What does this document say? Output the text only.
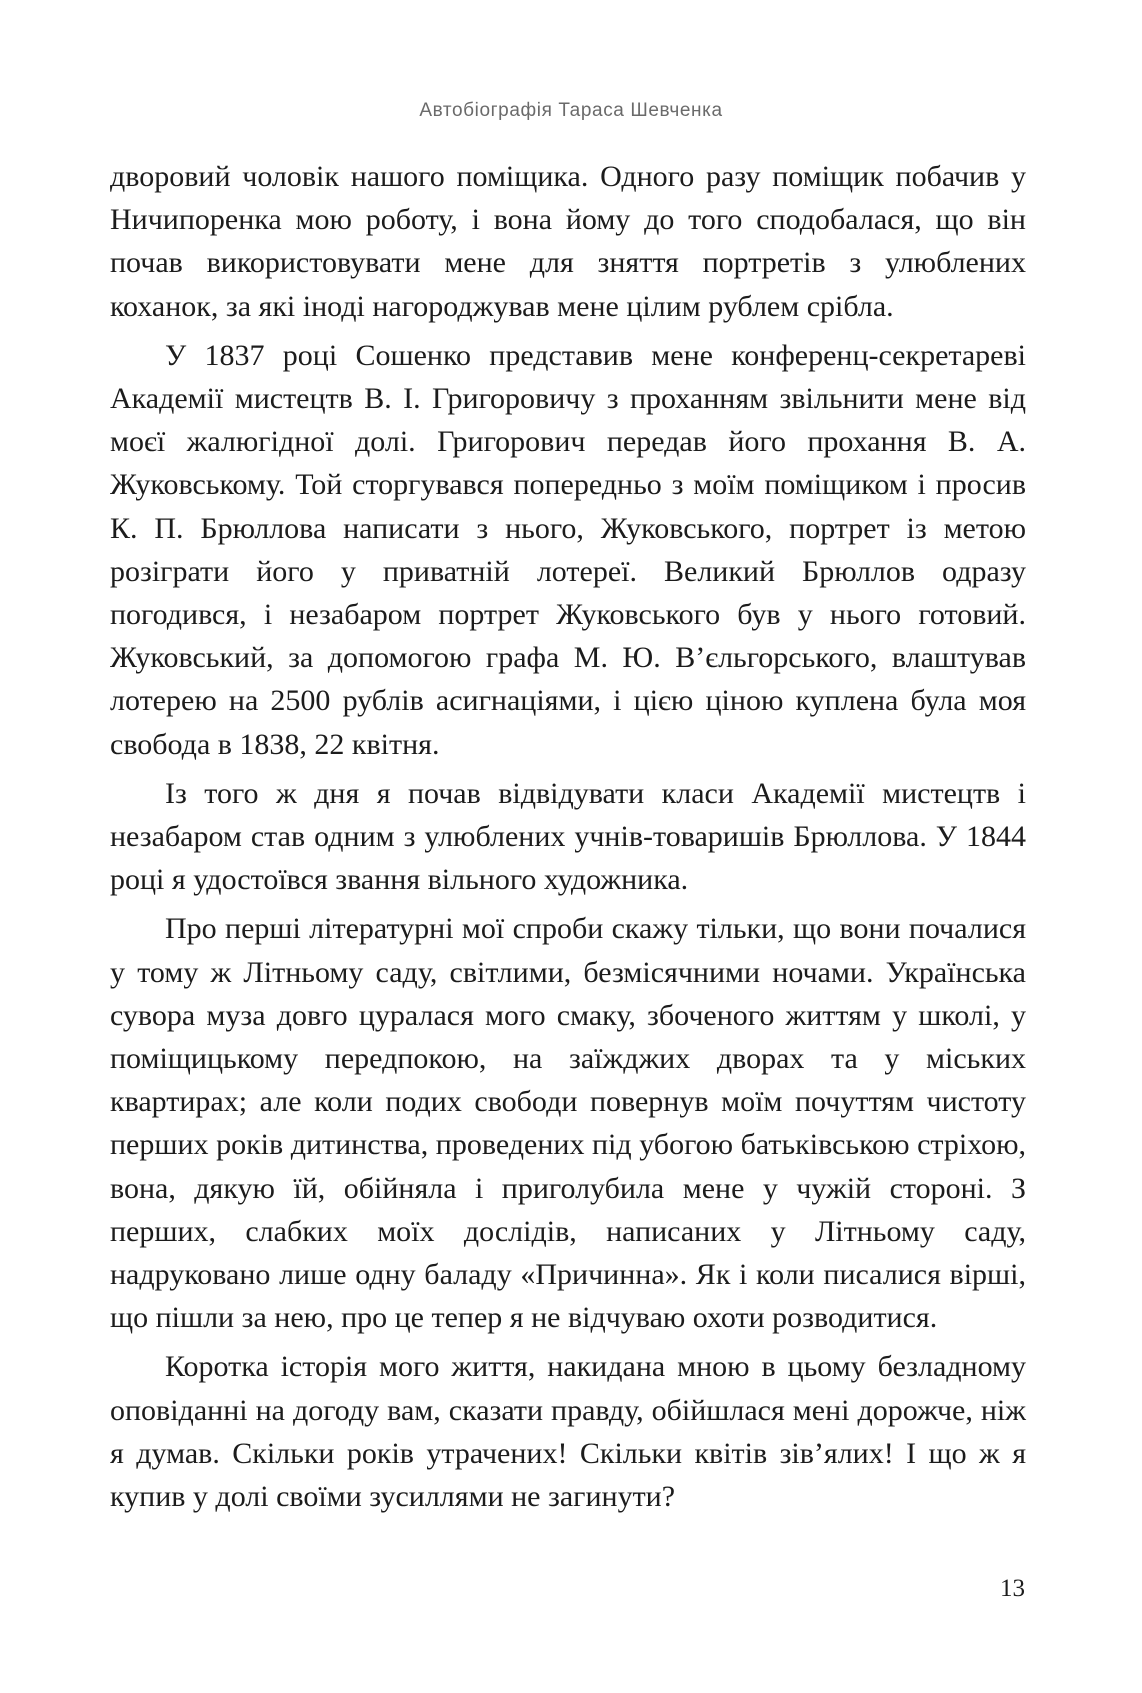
Автобіографія Тараса Шевченка

дворовий чоловік нашого поміщика. Одного разу поміщик побачив у Ничипоренка мою роботу, і вона йому до того сподобалася, що він почав використовувати мене для зняття портретів з улюблених коханок, за які іноді нагороджував мене цілим рублем срібла.

У 1837 році Сошенко представив мене конференц-секретареві Академії мистецтв В. І. Григоровичу з проханням звільнити мене від моєї жалюгідної долі. Григорович передав його прохання В. А. Жуковському. Той сторгувався попередньо з моїм поміщиком і просив К. П. Брюллова написати з нього, Жуковського, портрет із метою розіграти його у приватній лотереї. Великий Брюллов одразу погодився, і незабаром портрет Жуковського був у нього готовий. Жуковський, за допомогою графа М. Ю. В’єльгорського, влаштував лотерею на 2500 рублів асигнаціями, і цією ціною куплена була моя свобода в 1838, 22 квітня.

Із того ж дня я почав відвідувати класи Академії мистецтв і незабаром став одним з улюблених учнів-товаришів Брюллова. У 1844 році я удостоївся звання вільного художника.

Про перші літературні мої спроби скажу тільки, що вони почалися у тому ж Літньому саду, світлими, безмісячними ночами. Українська сувора муза довго цуралася мого смаку, збоченого життям у школі, у поміщицькому передпокою, на заїжджих дворах та у міських квартирах; але коли подих свободи повернув моїм почуттям чистоту перших років дитинства, проведених під убогою батьківською стріхою, вона, дякую їй, обійняла і приголубила мене у чужій стороні. З перших, слабких моїх дослідів, написаних у Літньому саду, надруковано лише одну баладу «Причинна». Як і коли писалися вірші, що пішли за нею, про це тепер я не відчуваю охоти розводитися.

Коротка історія мого життя, накидана мною в цьому безладному оповіданні на догоду вам, сказати правду, обійшлася мені дорожче, ніж я думав. Скільки років утрачених! Скільки квітів зів’ялих! І що ж я купив у долі своїми зусиллями не загинути?

13
